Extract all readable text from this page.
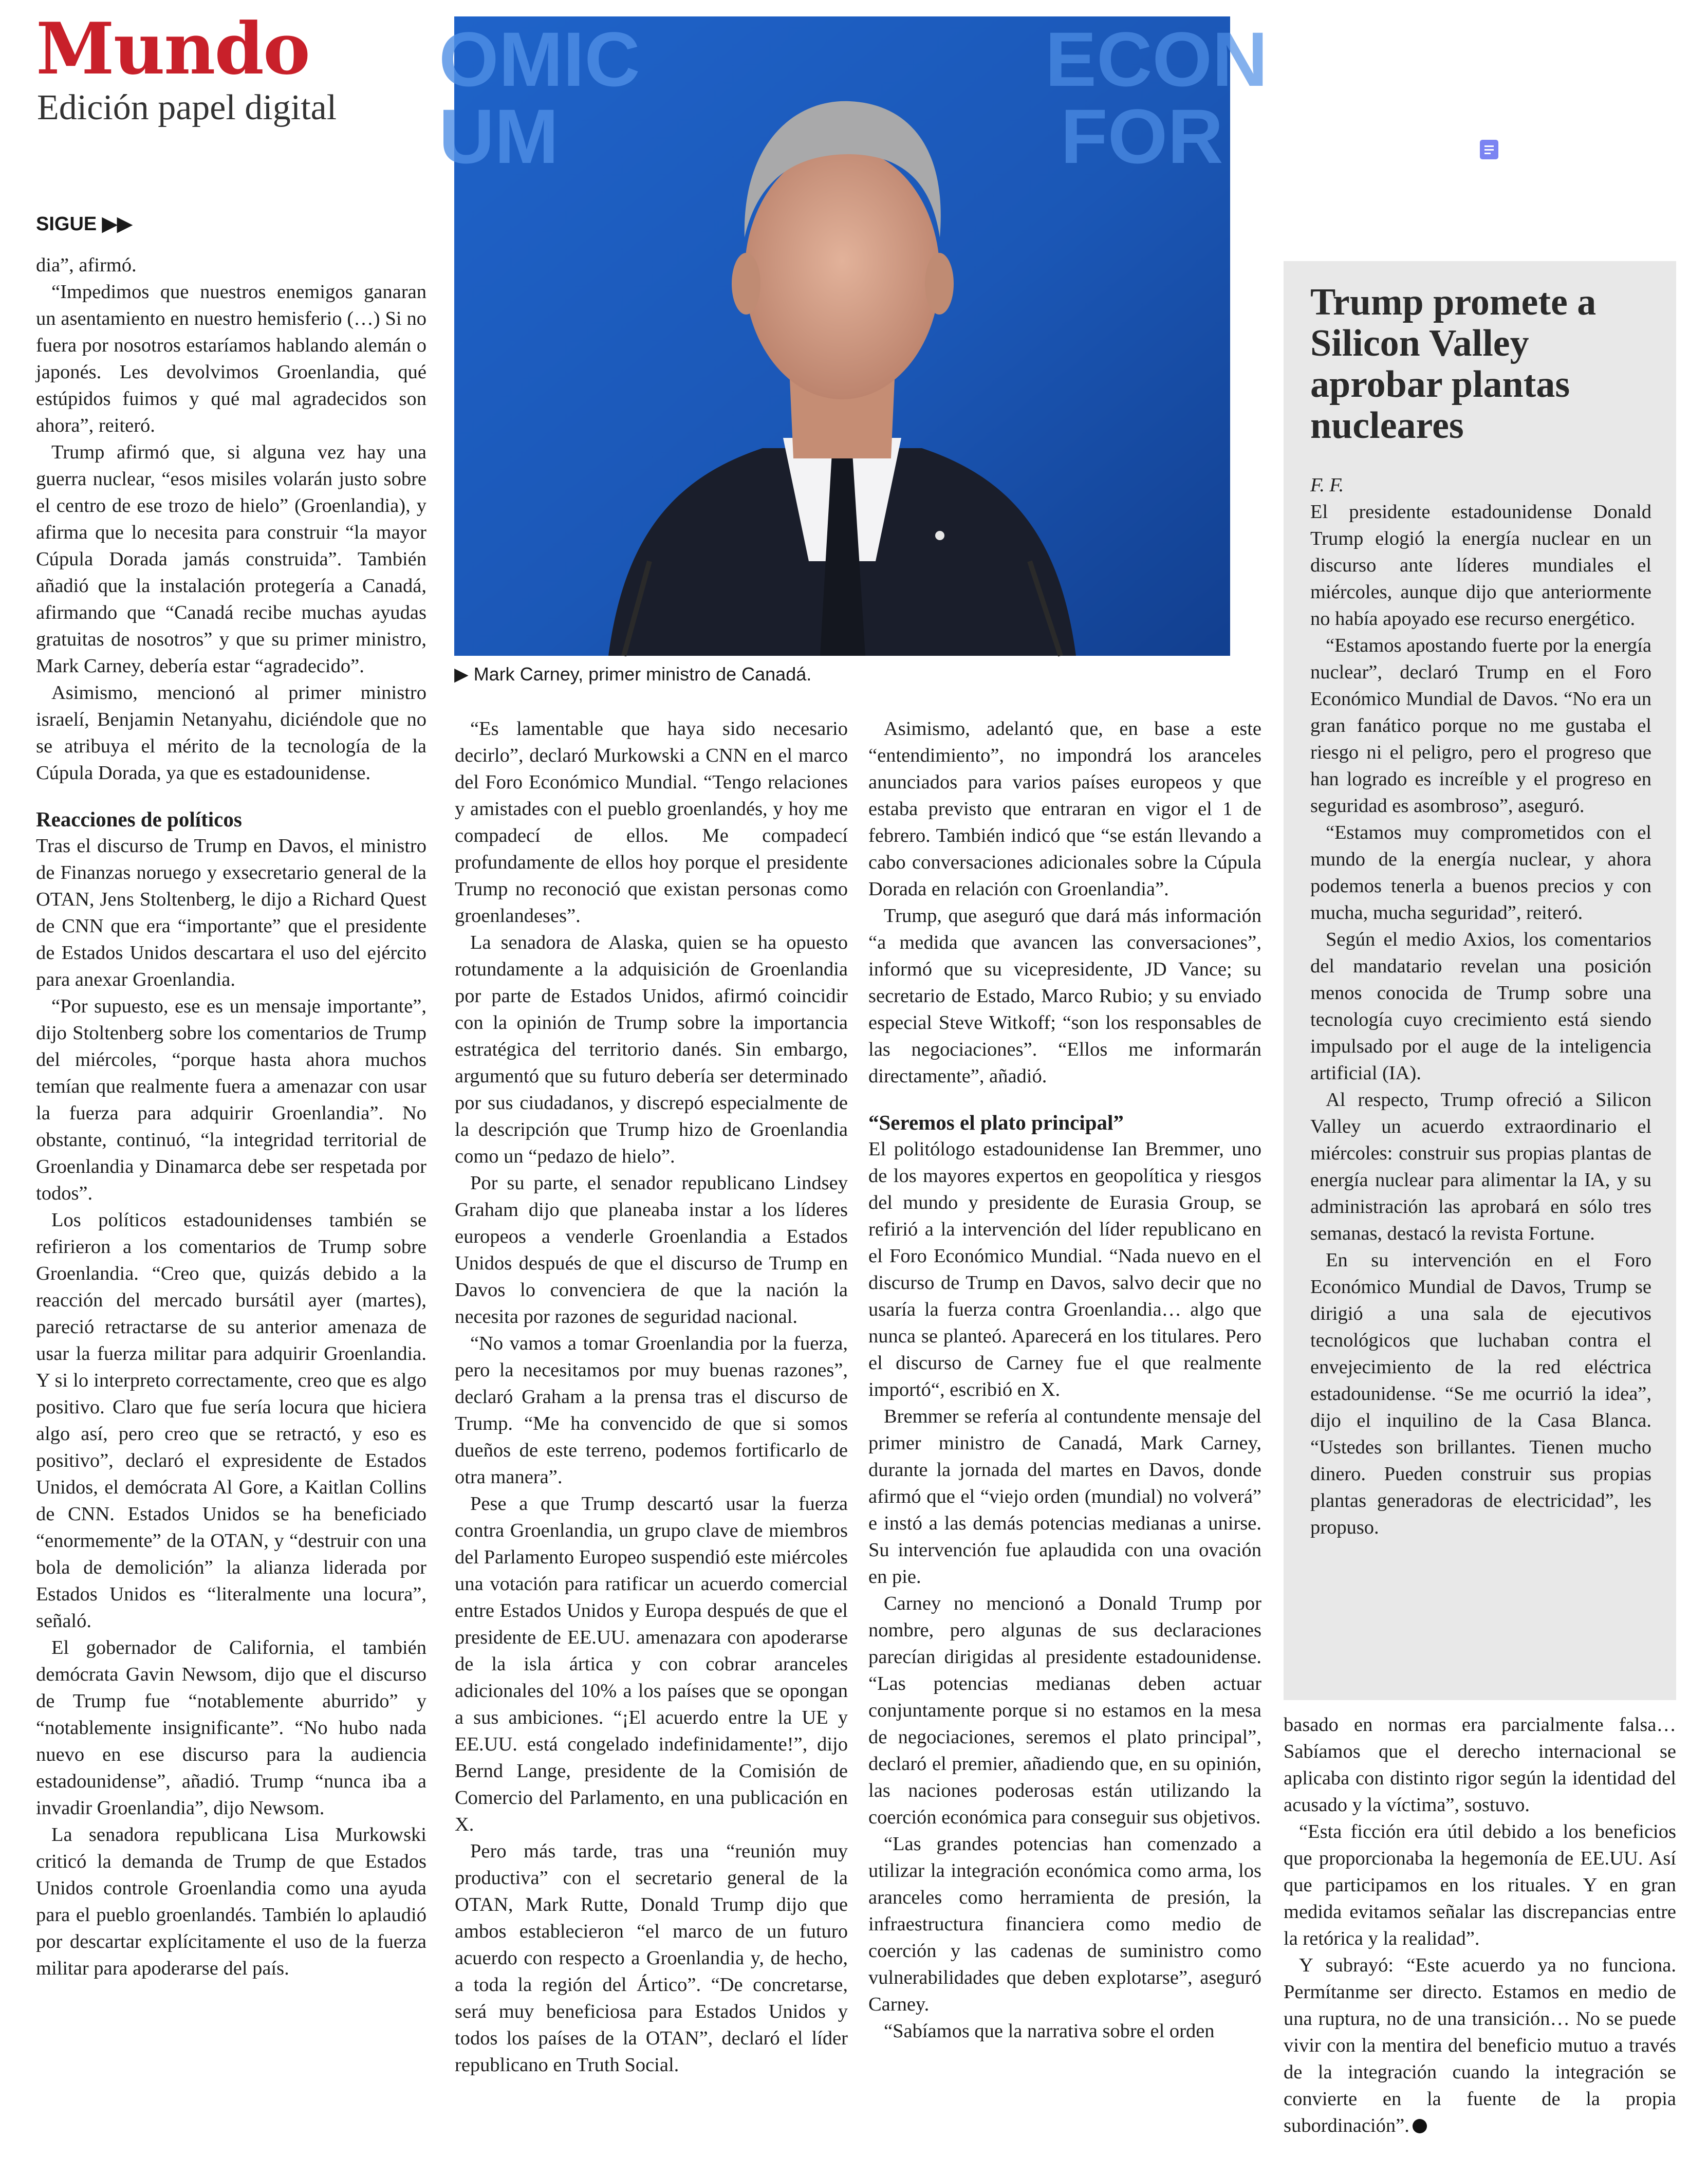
Mundo
Edición papel digital
SIGUE ▶▶
OMIC
UM
ECON
FOR
▶ Mark Carney, primer ministro de Canadá.

dia”, afirmó.

“Impedimos que nuestros enemigos ganaran un asentamiento en nuestro hemisferio (…) Si no fuera por nosotros estaríamos hablando alemán o japonés. Les devolvimos Groenlandia, qué estúpidos fuimos y qué mal agradecidos son ahora”, reiteró.

Trump afirmó que, si alguna vez hay una guerra nuclear, “esos misiles volarán justo sobre el centro de ese trozo de hielo” (Groenlandia), y afirma que lo necesita para construir “la mayor Cúpula Dorada jamás construida”. También añadió que la instalación protegería a Canadá, afirmando que “Canadá recibe muchas ayudas gratuitas de nosotros” y que su primer ministro, Mark Carney, debería estar “agradecido”.

Asimismo, mencionó al primer ministro israelí, Benjamin Netanyahu, diciéndole que no se atribuya el mérito de la tecnología de la Cúpula Dorada, ya que es estadounidense.

Reacciones de políticos

Tras el discurso de Trump en Davos, el ministro de Finanzas noruego y exsecretario general de la OTAN, Jens Stoltenberg, le dijo a Richard Quest de CNN que era “importante” que el presidente de Estados Unidos descartara el uso del ejército para anexar Groenlandia.

“Por supuesto, ese es un mensaje importante”, dijo Stoltenberg sobre los comentarios de Trump del miércoles, “porque hasta ahora muchos temían que realmente fuera a amenazar con usar la fuerza para adquirir Groenlandia”. No obstante, continuó, “la integridad territorial de Groenlandia y Dinamarca debe ser respetada por todos”.

Los políticos estadounidenses también se refirieron a los comentarios de Trump sobre Groenlandia. “Creo que, quizás debido a la reacción del mercado bursátil ayer (martes), pareció retractarse de su anterior amenaza de usar la fuerza militar para adquirir Groenlandia. Y si lo interpreto correctamente, creo que es algo positivo. Claro que fue sería locura que hiciera algo así, pero creo que se retractó, y eso es positivo”, declaró el expresidente de Estados Unidos, el demócrata Al Gore, a Kaitlan Collins de CNN. Estados Unidos se ha beneficiado “enormemente” de la OTAN, y “destruir con una bola de demolición” la alianza liderada por Estados Unidos es “literalmente una locura”, señaló.

El gobernador de California, el también demócrata Gavin Newsom, dijo que el discurso de Trump fue “notablemente aburrido” y “notablemente insignificante”. “No hubo nada nuevo en ese discurso para la audiencia estadounidense”, añadió. Trump “nunca iba a invadir Groenlandia”, dijo Newsom.

La senadora republicana Lisa Murkowski criticó la demanda de Trump de que Estados Unidos controle Groenlandia como una ayuda para el pueblo groenlandés. También lo aplaudió por descartar explícitamente el uso de la fuerza militar para apoderarse del país.

“Es lamentable que haya sido necesario decirlo”, declaró Murkowski a CNN en el marco del Foro Económico Mundial. “Tengo relaciones y amistades con el pueblo groenlandés, y hoy me compadecí de ellos. Me compadecí profundamente de ellos hoy porque el presidente Trump no reconoció que existan personas como groenlandeses”.

La senadora de Alaska, quien se ha opuesto rotundamente a la adquisición de Groenlandia por parte de Estados Unidos, afirmó coincidir con la opinión de Trump sobre la importancia estratégica del territorio danés. Sin embargo, argumentó que su futuro debería ser determinado por sus ciudadanos, y discrepó especialmente de la descripción que Trump hizo de Groenlandia como un “pedazo de hielo”.

Por su parte, el senador republicano Lindsey Graham dijo que planeaba instar a los líderes europeos a venderle Groenlandia a Estados Unidos después de que el discurso de Trump en Davos lo convenciera de que la nación la necesita por razones de seguridad nacional.

“No vamos a tomar Groenlandia por la fuerza, pero la necesitamos por muy buenas razones”, declaró Graham a la prensa tras el discurso de Trump. “Me ha convencido de que si somos dueños de este terreno, podemos fortificarlo de otra manera”.

Pese a que Trump descartó usar la fuerza contra Groenlandia, un grupo clave de miembros del Parlamento Europeo suspendió este miércoles una votación para ratificar un acuerdo comercial entre Estados Unidos y Europa después de que el presidente de EE.UU. amenazara con apoderarse de la isla ártica y con cobrar aranceles adicionales del 10% a los países que se opongan a sus ambiciones. “¡El acuerdo entre la UE y EE.UU. está congelado indefinidamente!”, dijo Bernd Lange, presidente de la Comisión de Comercio del Parlamento, en una publicación en X.

Pero más tarde, tras una “reunión muy productiva” con el secretario general de la OTAN, Mark Rutte, Donald Trump dijo que ambos establecieron “el marco de un futuro acuerdo con respecto a Groenlandia y, de hecho, a toda la región del Ártico”. “De concretarse, será muy beneficiosa para Estados Unidos y todos los países de la OTAN”, declaró el líder republicano en Truth Social.

Asimismo, adelantó que, en base a este “entendimiento”, no impondrá los aranceles anunciados para varios países europeos y que estaba previsto que entraran en vigor el 1 de febrero. También indicó que “se están llevando a cabo conversaciones adicionales sobre la Cúpula Dorada en relación con Groenlandia”.

Trump, que aseguró que dará más información “a medida que avancen las conversaciones”, informó que su vicepresidente, JD Vance; su secretario de Estado, Marco Rubio; y su enviado especial Steve Witkoff; “son los responsables de las negociaciones”. “Ellos me informarán directamente”, añadió.

“Seremos el plato principal”

El politólogo estadounidense Ian Bremmer, uno de los mayores expertos en geopolítica y riesgos del mundo y presidente de Eurasia Group, se refirió a la intervención del líder republicano en el Foro Económico Mundial. “Nada nuevo en el discurso de Trump en Davos, salvo decir que no usaría la fuerza contra Groenlandia… algo que nunca se planteó. Aparecerá en los titulares. Pero el discurso de Carney fue el que realmente importó“, escribió en X.

Bremmer se refería al contundente mensaje del primer ministro de Canadá, Mark Carney, durante la jornada del martes en Davos, donde afirmó que el “viejo orden (mundial) no volverá” e instó a las demás potencias medianas a unirse. Su intervención fue aplaudida con una ovación en pie.

Carney no mencionó a Donald Trump por nombre, pero algunas de sus declaraciones parecían dirigidas al presidente estadounidense. “Las potencias medianas deben actuar conjuntamente porque si no estamos en la mesa de negociaciones, seremos el plato principal”, declaró el premier, añadiendo que, en su opinión, las naciones poderosas están utilizando la coerción económica para conseguir sus objetivos.

“Las grandes potencias han comenzado a utilizar la integración económica como arma, los aranceles como herramienta de presión, la infraestructura financiera como medio de coerción y las cadenas de suministro como vulnerabilidades que deben explotarse”, aseguró Carney.

“Sabíamos que la narrativa sobre el orden

Trump promete a Silicon Valley aprobar plantas nucleares
F. F.

El presidente estadounidense Donald Trump elogió la energía nuclear en un discurso ante líderes mundiales el miércoles, aunque dijo que anteriormente no había apoyado ese recurso energético.

“Estamos apostando fuerte por la energía nuclear”, declaró Trump en el Foro Económico Mundial de Davos. “No era un gran fanático porque no me gustaba el riesgo ni el peligro, pero el progreso que han logrado es increíble y el progreso en seguridad es asombroso”, aseguró.

“Estamos muy comprometidos con el mundo de la energía nuclear, y ahora podemos tenerla a buenos precios y con mucha, mucha seguridad”, reiteró.

Según el medio Axios, los comentarios del mandatario revelan una posición menos conocida de Trump sobre una tecnología cuyo crecimiento está siendo impulsado por el auge de la inteligencia artificial (IA).

Al respecto, Trump ofreció a Silicon Valley un acuerdo extraordinario el miércoles: construir sus propias plantas de energía nuclear para alimentar la IA, y su administración las aprobará en sólo tres semanas, destacó la revista Fortune.

En su intervención en el Foro Económico Mundial de Davos, Trump se dirigió a una sala de ejecutivos tecnológicos que luchaban contra el envejecimiento de la red eléctrica estadounidense. “Se me ocurrió la idea”, dijo el inquilino de la Casa Blanca. “Ustedes son brillantes. Tienen mucho dinero. Pueden construir sus propias plantas generadoras de electricidad”, les propuso.

basado en normas era parcialmente falsa… Sabíamos que el derecho internacional se aplicaba con distinto rigor según la identidad del acusado y la víctima”, sostuvo.

“Esta ficción era útil debido a los beneficios que proporcionaba la hegemonía de EE.UU. Así que participamos en los rituales. Y en gran medida evitamos señalar las discrepancias entre la retórica y la realidad”.

Y subrayó: “Este acuerdo ya no funciona. Permítanme ser directo. Estamos en medio de una ruptura, no de una transición… No se puede vivir con la mentira del beneficio mutuo a través de la integración cuando la integración se convierte en la fuente de la propia subordinación”.
